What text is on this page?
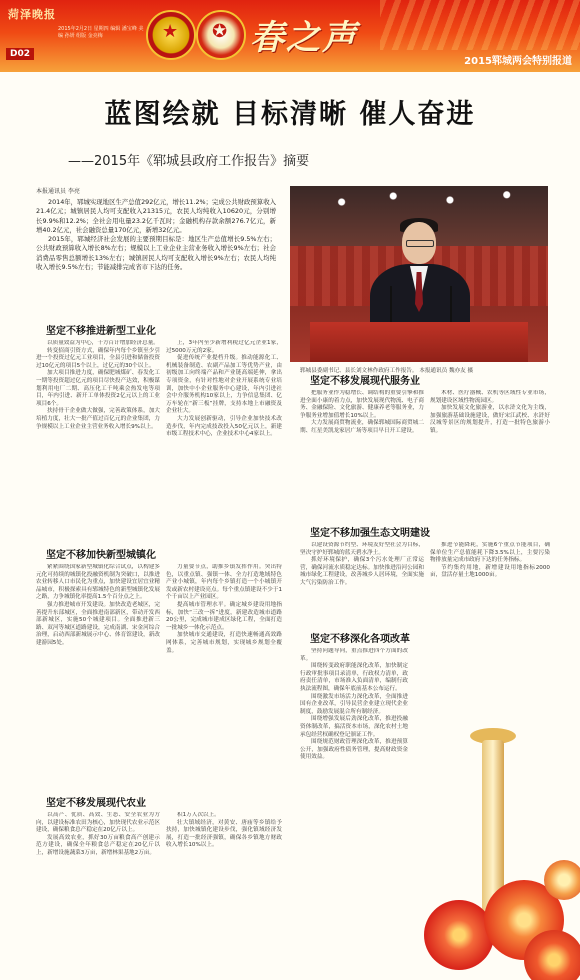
菏泽晚报
2015年2月2日 星期四 编辑 潘宝峰 美编 孙妍 组版 金亮梅
D02
★ ✪ 春之声
2015郓城两会特别报道
蓝图绘就 目标清晰 催人奋进
——2015年《郓城县政府工作报告》摘要
本报通讯员 李亮

2014年，郓城实现地区生产总值292亿元，增长11.2%；完成公共财政预算收入21.4亿元；城镇居民人均可支配收入21315元，农民人均纯收入10620元，分别增长9.9%和12.2%；全社会用电量23.2亿千瓦时；金融机构存款余额276.7亿元，新增40.2亿元，社会融资总量170亿元，新增32亿元。

2015年，郓城经济社会发展的主要预期目标是：地区生产总值增长9.5%左右；公共财政预算收入增长8%左右；规模以上工业企业主营业务收入增长9%左右；社会消费品零售总额增长13%左右；城镇居民人均可支配收入增长9%左右；农民人均纯收入增长9.5%左右；节能减排完成省市下达的任务。

郓城县委副书记、县长刘文林作政府工作报告。 本报通讯员 魏亦友 摄
坚定不移推进新型工业化

以质量效益为中心，千方百计增加经济总量。

转变招商引资方式，确保年内每个乡镇至少引进一个投资过亿元工业项目，全县引进和储备投资过10亿元的项目5个以上，过亿元的30个以上。

加大项目推进力度，确保肥城煤矿、春发化工一期等投资超过亿元的项目尽快投产达效，积极谋划利用电厂二期、高压化工千吨乘会热发电等项目，年内引进、新开工单体投资2亿元以上的工业项目6个。

扶持骨干企业做大做强，完善政策体系，加大培植力度，壮大一批产值过百亿元的企业集团，力争规模以上工业企业主营业务收入增长9%以上。

上，3年内至少新增利税过亿元企业1家，过5000万元的2家。

促进传统产业提档升级。推动能源化工、机械装备制造、农副产品加工等优势产业，由初级加工向终端产品和产业链高端延伸，拿出专项资金，有针对性地对企业开展系统专业培训，加快中小企业服务中心建设，年内引进社会中介服务机构10家以上，力争信息集团、亿万车轮在“新三板”挂牌，支持本地上市融资及企业壮大。

大力发展创新驱动，引导企业加快技术改造步伐，年内完成技改投入50亿元以上，新建市级工程技术中心，企业技术中心4家以上。

坚定不移加快新型城镇化

紧紧围绕国家新型城镇化综合试点，以构建多元化可持续的城镇化投融资机制为突破口，以推进农业转移人口市民化为重点，加快建设宜居宜业精品城市，积极探索具有郓城特色的新型城镇化发展之路，力争城镇化率提高1.5个百分点之上。

强力推进城市开发建设。加快改造老城区，完善提升东部城区，全面推进南部新区，带动开发西部新城区，实施50个城建项目。全面推进新三路、双河等城区道路建设，完成南湖、宋金河综合治理，启动西部新城展示中心、体育馆建设，新改建游园5处。

力量要节点，助推乡镇发挥作用。突出特色，以重点镇、强镇一体、全力打造地域特色产业小城镇，年内每个乡镇打造一个小城镇开发或新农村建设亮点。每个重点镇建设不少于1个千亩以上产业园区。

提高城市管理水平。确定城乡建设用地指标，加快“三改一拆”进度，新建改造城市道路20公里，完成城市建成区绿化工程，全面打造一批城乡一体化示范点。

加快城市交通建设，打造快速畅通高效路网体系，完善城市规划，实现城乡规划全覆盖。

坚定不移发展现代农业

以高产、优质、高效、生态、安全农业为方向，以建设标准农田为核心，加快现代农业示范区建设，确保粮食总产稳定在20亿斤以上。

发展高效农业，抓好30万亩粮食高产创建示范方建设，确保全年粮食总产稳定在20亿斤以上，新增设施蔬菜3万亩，新增林果基地2万亩。

积1万人次以上。

壮大镇域经济，对黄安、唐庙等乡镇给予扶持，加快城镇化建设步伐，强化镇域经济发展，打造一批经济强镇，确保各乡镇地方财政收入增长10%以上。

坚定不移发展现代服务业

把服务业作为稳增长、调结构的重要引擎和推进全面小康的着力点，加快发展现代物流、电子商务、金融保险、文化旅游、健康养老等服务业，力争服务业增加值增长10%以上。

大力发展商贸物流业，确保郓城国际商贸城二期、红星美凯龙家居广场等项目早日开工建设。

木材、医疗器械、农机等区域性专业市场，规划建设区域性物流园区。

加快发展文化旅游业，以水浒文化为主线，加强旅游基础设施建设，做好宋江武校、水浒好汉城等景区的规划提升，打造一批特色旅游小镇。

坚定不移加强生态文明建设

以建设资源节约型、环境友好型社会为目标，坚决守护好郓城的蓝天碧水净土。

抓好环境保护，确保3个污水处理厂正常运营，确保河流水质稳定达标。加快推进沿河公园和城市绿化工程建设，改善城乡人居环境，全面实施大气污染防治工作。

推进节能降耗，实施6个重点节能项目，确保单位生产总值能耗下降3.5%以上，主要污染物排放量完成市政府下达的任务指标。

节约集约用地，新增建设用地指标2000亩，盘活存量土地1000亩。

坚定不移深化各项改革

坚持问题导向，重点推进四个方面的改革。

围绕转变政府职能深化改革，加快制定行政审批事项目录清单，行政权力清单，政府责任清单，市场准入负面清单，编制行政执法流程图，确保年底前基本公布运行。

围绕激发市场活力深化改革，全面推进国有企业改革，引导民营企业建立现代企业制度，鼓励发展混合所有制经济。

围绕增强发展后劲深化改革，推进投融资体制改革，搞活资本市场，深化农村土地承包经营权确权登记颁证工作。

围绕规范财政管理深化改革，推进预算公开，加强政府性债务管理，提高财政资金使用效益。
